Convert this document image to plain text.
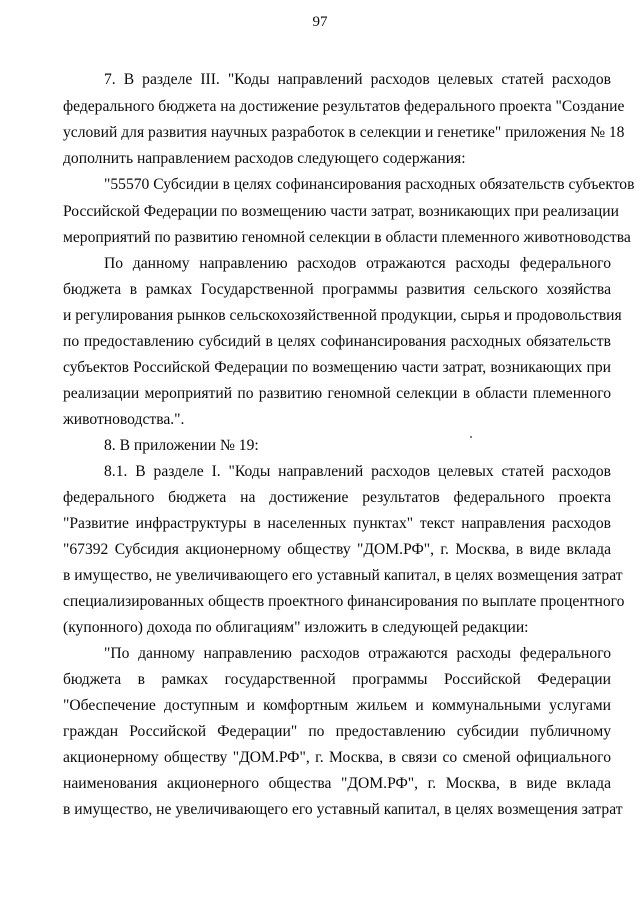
97
7. В разделе III. "Коды направлений расходов целевых статей расходов
федерального бюджета на достижение результатов федерального проекта "Создание
условий для развития научных разработок в селекции и генетике" приложения № 18
дополнить направлением расходов следующего содержания:
"55570 Субсидии в целях софинансирования расходных обязательств субъектов
Российской Федерации по возмещению части затрат, возникающих при реализации
мероприятий по развитию геномной селекции в области племенного животноводства
По данному направлению расходов отражаются расходы федерального
бюджета в рамках Государственной программы развития сельского хозяйства
и регулирования рынков сельскохозяйственной продукции, сырья и продовольствия
по предоставлению субсидий в целях софинансирования расходных обязательств
субъектов Российской Федерации по возмещению части затрат, возникающих при
реализации мероприятий по развитию геномной селекции в области племенного
животноводства.".
8. В приложении № 19:
8.1. В разделе I. "Коды направлений расходов целевых статей расходов
федерального бюджета на достижение результатов федерального проекта
"Развитие инфраструктуры в населенных пунктах" текст направления расходов
"67392 Субсидия акционерному обществу "ДОМ.РФ", г. Москва, в виде вклада
в имущество, не увеличивающего его уставный капитал, в целях возмещения затрат
специализированных обществ проектного финансирования по выплате процентного
(купонного) дохода по облигациям" изложить в следующей редакции:
"По данному направлению расходов отражаются расходы федерального
бюджета в рамках государственной программы Российской Федерации
"Обеспечение доступным и комфортным жильем и коммунальными услугами
граждан Российской Федерации" по предоставлению субсидии публичному
акционерному обществу "ДОМ.РФ", г. Москва, в связи со сменой официального
наименования акционерного общества "ДОМ.РФ", г. Москва, в виде вклада
в имущество, не увеличивающего его уставный капитал, в целях возмещения затрат
